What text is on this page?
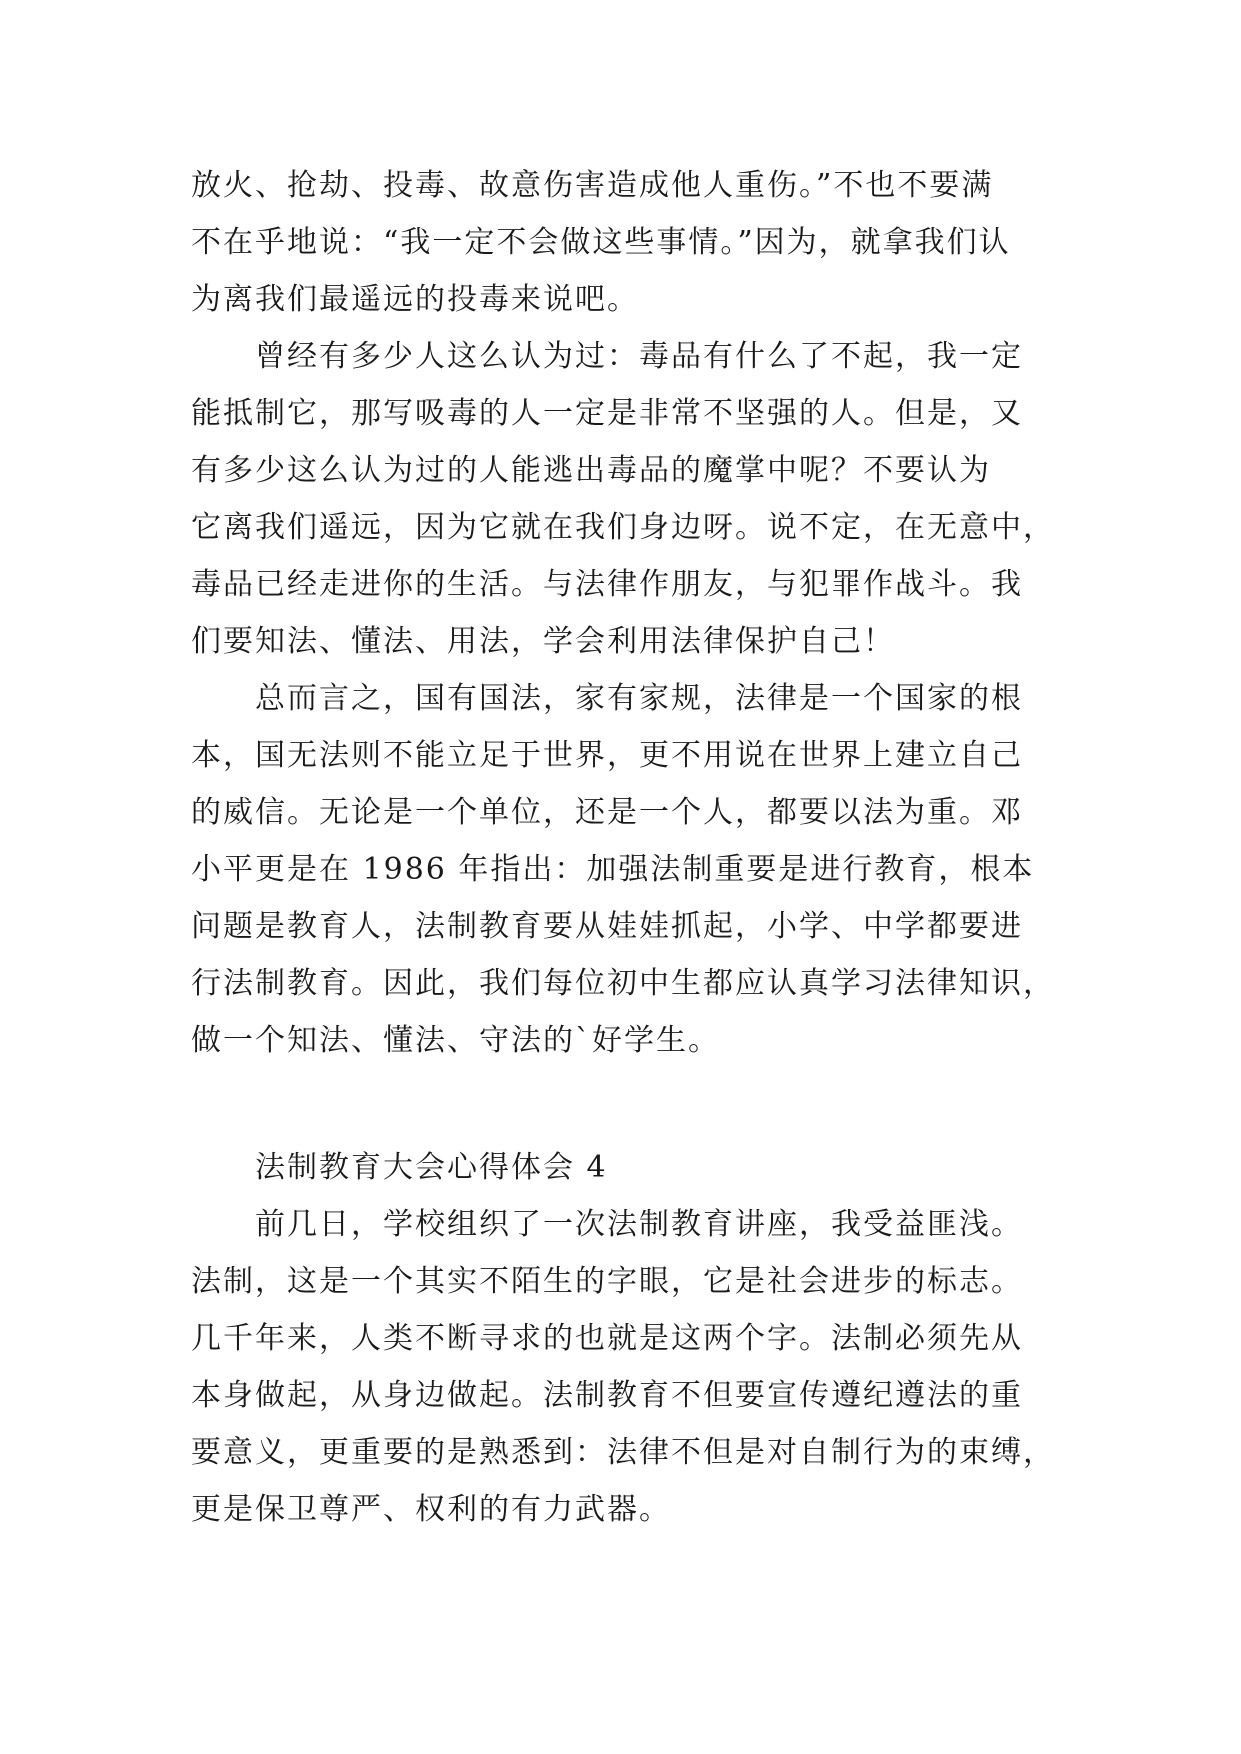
放火、抢劫、投毒、故意伤害造成他人重伤。”不也不要满
不在乎地说：“我一定不会做这些事情。”因为，就拿我们认
为离我们最遥远的投毒来说吧。
曾经有多少人这么认为过：毒品有什么了不起，我一定
能抵制它，那写吸毒的人一定是非常不坚强的人。但是，又
有多少这么认为过的人能逃出毒品的魔掌中呢？不要认为
它离我们遥远，因为它就在我们身边呀。说不定，在无意中，
毒品已经走进你的生活。与法律作朋友，与犯罪作战斗。我
们要知法、懂法、用法，学会利用法律保护自己！
总而言之，国有国法，家有家规，法律是一个国家的根
本，国无法则不能立足于世界，更不用说在世界上建立自己
的威信。无论是一个单位，还是一个人，都要以法为重。邓
小平更是在 1986 年指出：加强法制重要是进行教育，根本
问题是教育人，法制教育要从娃娃抓起，小学、中学都要进
行法制教育。因此，我们每位初中生都应认真学习法律知识，
做一个知法、懂法、守法的`好学生。
法制教育大会心得体会 4
前几日，学校组织了一次法制教育讲座，我受益匪浅。
法制，这是一个其实不陌生的字眼，它是社会进步的标志。
几千年来，人类不断寻求的也就是这两个字。法制必须先从
本身做起，从身边做起。法制教育不但要宣传遵纪遵法的重
要意义，更重要的是熟悉到：法律不但是对自制行为的束缚，
更是保卫尊严、权利的有力武器。
